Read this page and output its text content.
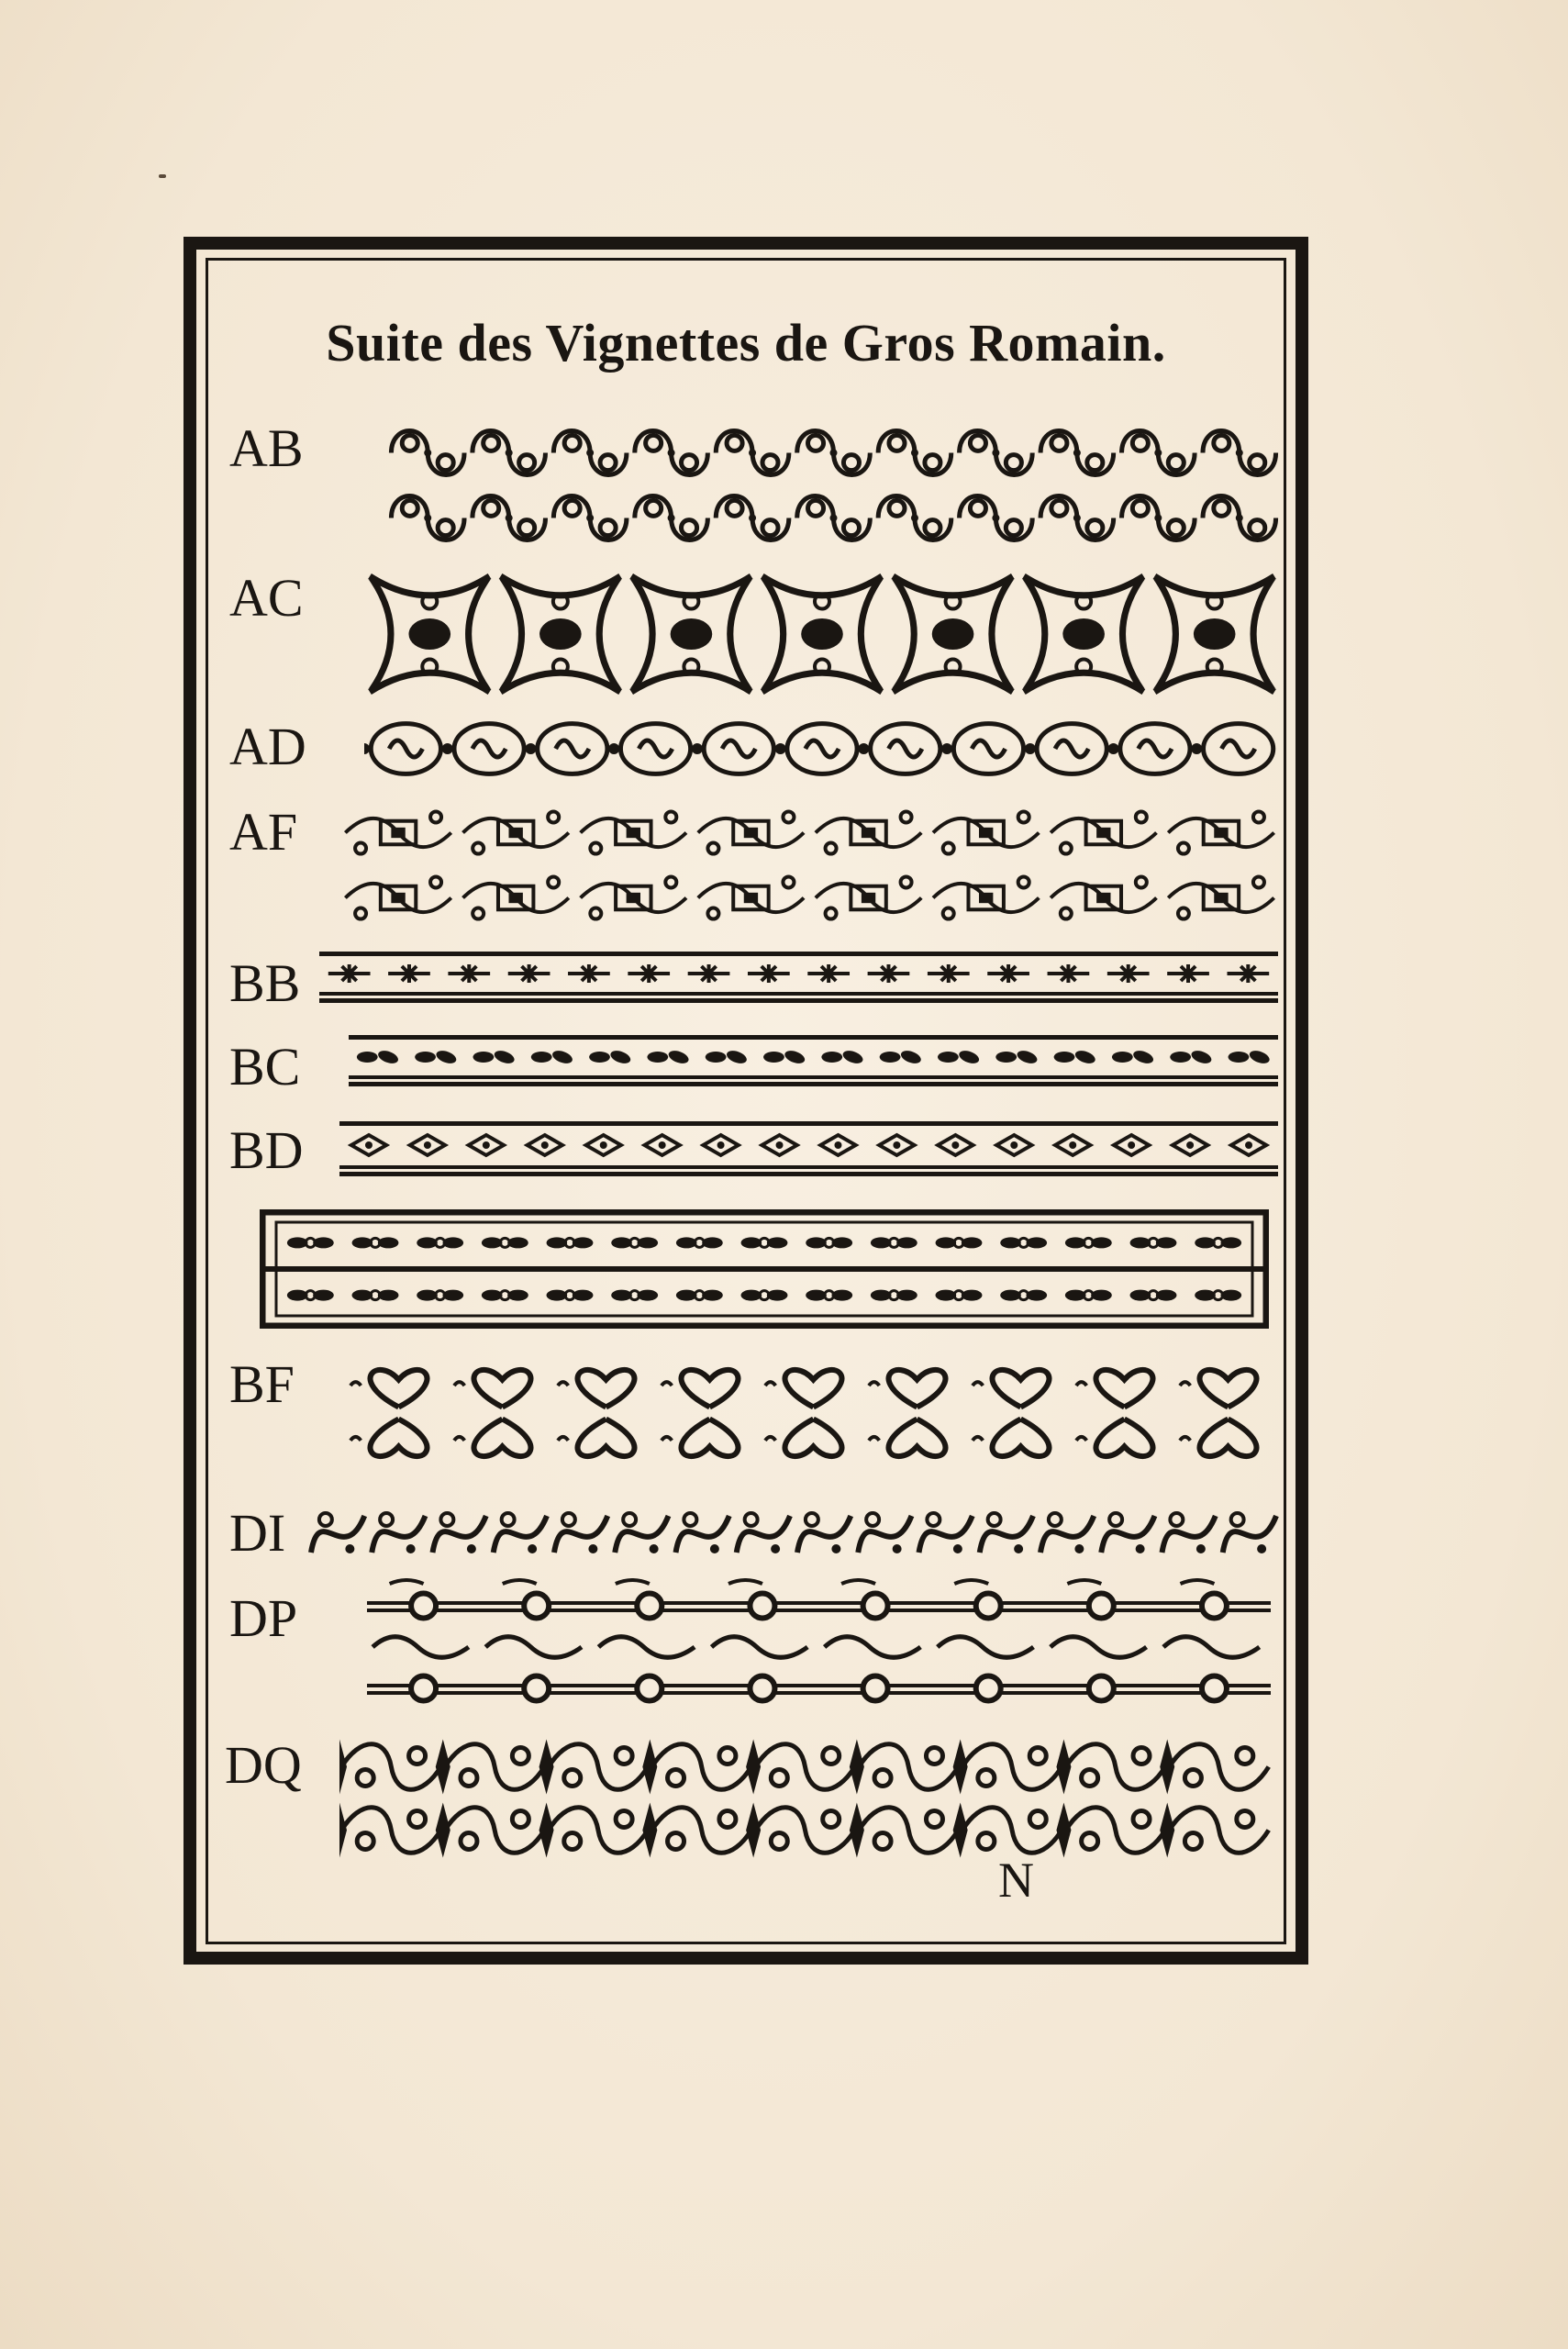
Suite des Vignettes de Gros Romain.
AB
AC
AD
AF
BB
BC
BD
BF
DI
DP
DQ
N
